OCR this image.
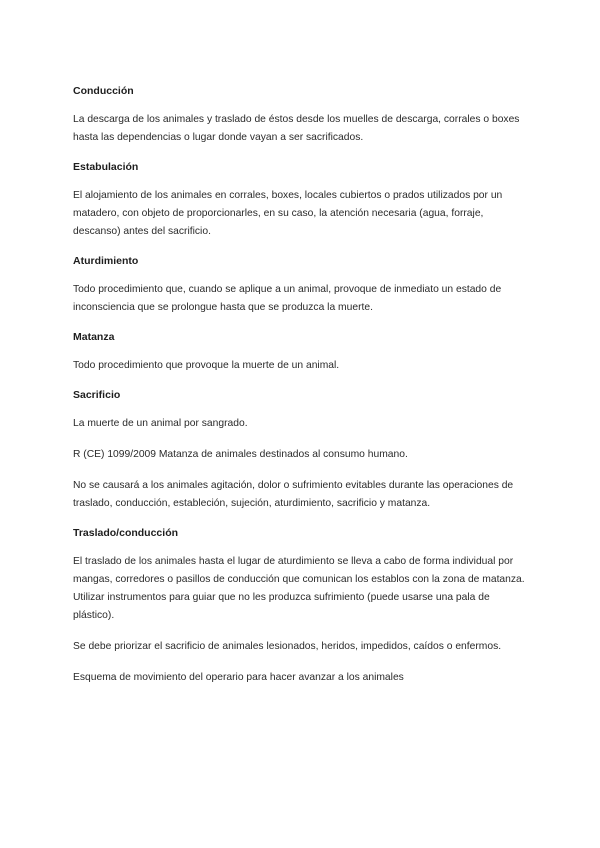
Conducción
La descarga de los animales y traslado de éstos desde los muelles de descarga, corrales o boxes hasta las dependencias o lugar donde vayan a ser sacrificados.
Estabulación
El alojamiento de los animales en corrales, boxes, locales cubiertos o prados utilizados por un matadero, con objeto de proporcionarles, en su caso, la atención necesaria (agua, forraje, descanso) antes del sacrificio.
Aturdimiento
Todo procedimiento que, cuando se aplique a un animal, provoque de inmediato un estado de inconsciencia que se prolongue hasta que se produzca la muerte.
Matanza
Todo procedimiento que provoque la muerte de un animal.
Sacrificio
La muerte de un animal por sangrado.
R (CE) 1099/2009 Matanza de animales destinados al consumo humano.
No se causará a los animales agitación, dolor o sufrimiento evitables durante las operaciones de traslado, conducción, estableción, sujeción, aturdimiento, sacrificio y matanza.
Traslado/conducción
El traslado de los animales hasta el lugar de aturdimiento se lleva a cabo de forma individual por mangas, corredores o pasillos de conducción que comunican los establos con la zona de matanza. Utilizar instrumentos para guiar que no les produzca sufrimiento (puede usarse una pala de plástico).
Se debe priorizar el sacrificio de animales lesionados, heridos, impedidos, caídos o enfermos.
Esquema de movimiento del operario para hacer avanzar a los animales
